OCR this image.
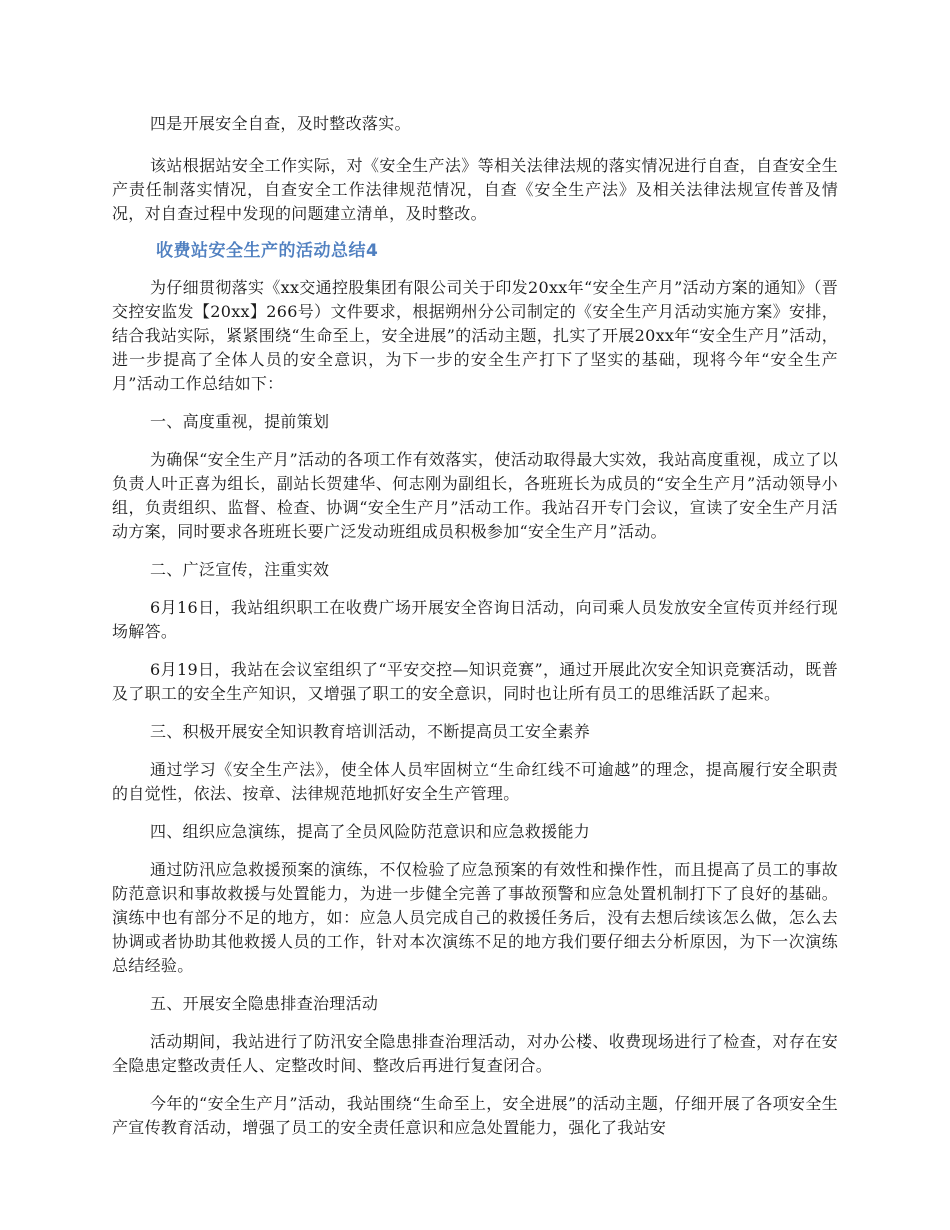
四是开展安全自查，及时整改落实。

该站根据站安全工作实际，对《安全生产法》等相关法律法规的落实情况进行自查，自查安全生产责任制落实情况，自查安全工作法律规范情况，自查《安全生产法》及相关法律法规宣传普及情况，对自查过程中发现的问题建立清单，及时整改。

收费站安全生产的活动总结4

为仔细贯彻落实《xx交通控股集团有限公司关于印发20xx年“安全生产月”活动方案的通知》（晋交控安监发【20xx】266号）文件要求，根据朔州分公司制定的《安全生产月活动实施方案》安排，结合我站实际，紧紧围绕“生命至上，安全进展”的活动主题，扎实了开展20xx年“安全生产月”活动，进一步提高了全体人员的安全意识，为下一步的安全生产打下了坚实的基础，现将今年“安全生产月”活动工作总结如下：

一、高度重视，提前策划

为确保“安全生产月”活动的各项工作有效落实，使活动取得最大实效，我站高度重视，成立了以负责人叶正喜为组长，副站长贺建华、何志刚为副组长，各班班长为成员的“安全生产月”活动领导小组，负责组织、监督、检查、协调“安全生产月”活动工作。我站召开专门会议，宣读了安全生产月活动方案，同时要求各班班长要广泛发动班组成员积极参加“安全生产月”活动。

二、广泛宣传，注重实效

6月16日，我站组织职工在收费广场开展安全咨询日活动，向司乘人员发放安全宣传页并经行现场解答。

6月19日，我站在会议室组织了“平安交控—知识竞赛”，通过开展此次安全知识竞赛活动，既普及了职工的安全生产知识，又增强了职工的安全意识，同时也让所有员工的思维活跃了起来。

三、积极开展安全知识教育培训活动，不断提高员工安全素养

通过学习《安全生产法》，使全体人员牢固树立“生命红线不可逾越”的理念，提高履行安全职责的自觉性，依法、按章、法律规范地抓好安全生产管理。

四、组织应急演练，提高了全员风险防范意识和应急救援能力

通过防汛应急救援预案的演练，不仅检验了应急预案的有效性和操作性，而且提高了员工的事故防范意识和事故救援与处置能力，为进一步健全完善了事故预警和应急处置机制打下了良好的基础。演练中也有部分不足的地方，如：应急人员完成自己的救援任务后，没有去想后续该怎么做，怎么去协调或者协助其他救援人员的工作，针对本次演练不足的地方我们要仔细去分析原因，为下一次演练总结经验。

五、开展安全隐患排查治理活动

活动期间，我站进行了防汛安全隐患排查治理活动，对办公楼、收费现场进行了检查，对存在安全隐患定整改责任人、定整改时间、整改后再进行复查闭合。

今年的“安全生产月”活动，我站围绕“生命至上，安全进展”的活动主题，仔细开展了各项安全生产宣传教育活动，增强了员工的安全责任意识和应急处置能力，强化了我站安
